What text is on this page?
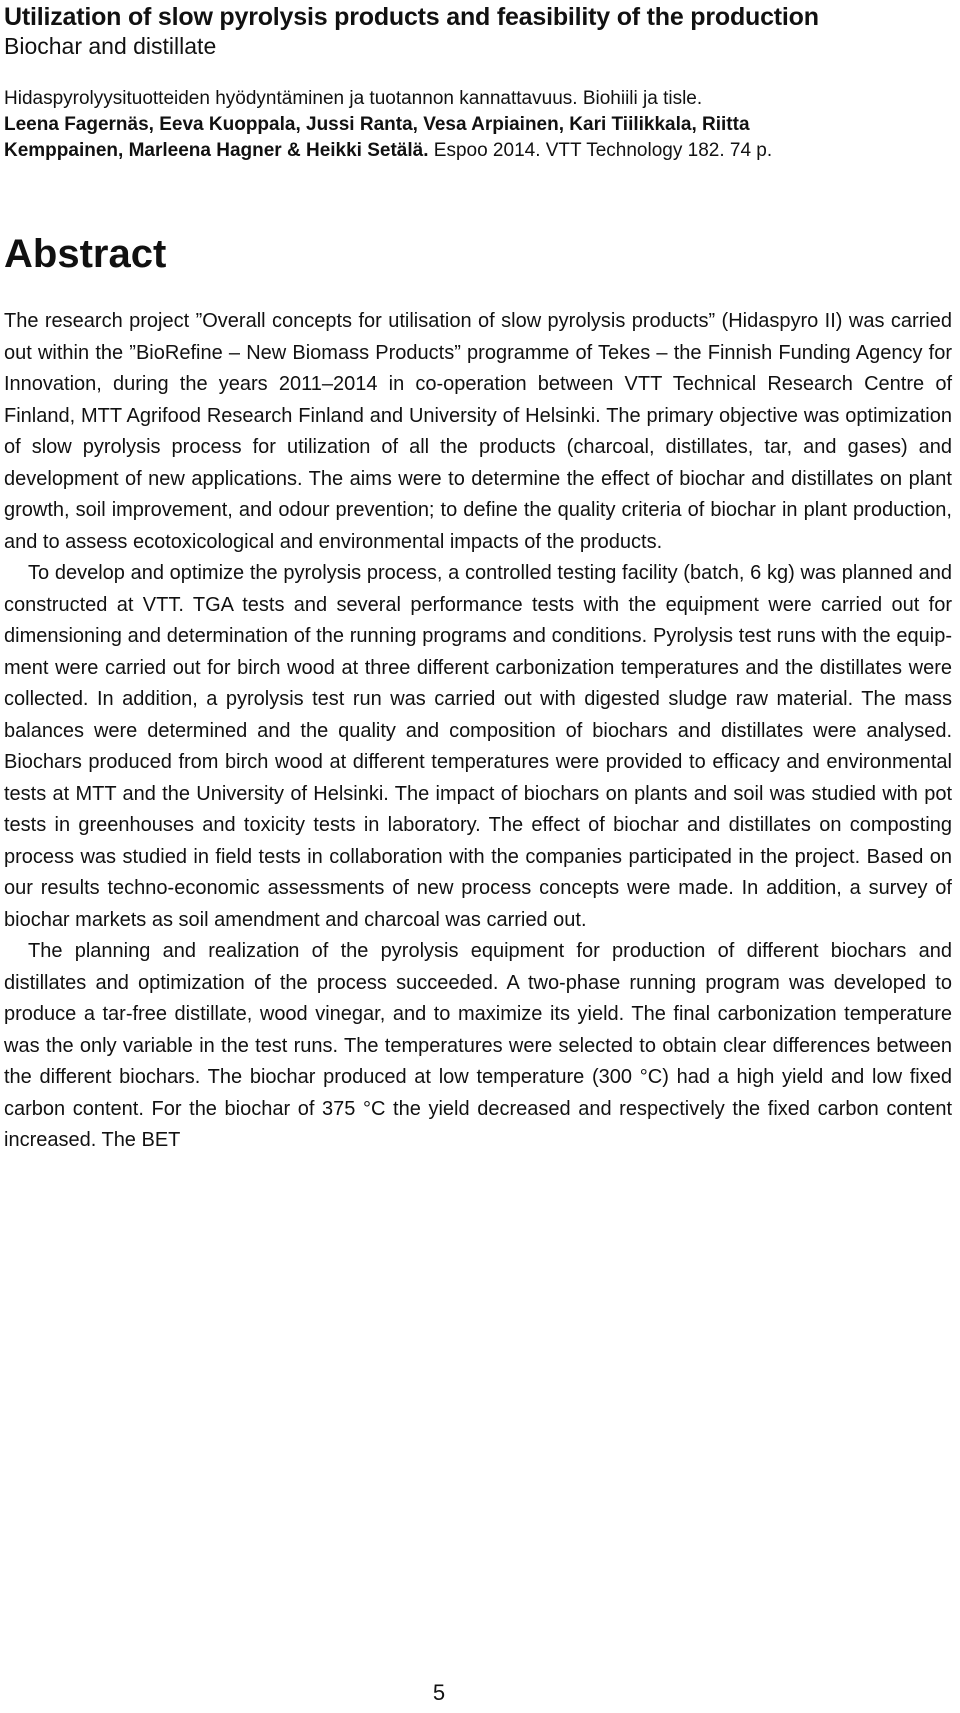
Utilization of slow pyrolysis products and feasibility of the production
Biochar and distillate
Hidaspyrolyysituotteiden hyödyntäminen ja tuotannon kannattavuus. Biohiili ja tisle.
Leena Fagernäs, Eeva Kuoppala, Jussi Ranta, Vesa Arpiainen, Kari Tiilikkala, Riitta
Kemppainen, Marleena Hagner & Heikki Setälä. Espoo 2014. VTT Technology 182. 74 p.
Abstract

The research project ”Overall concepts for utilisation of slow pyrolysis products” (Hidaspyro II) was carried out within the ”BioRefine – New Biomass Products” programme of Tekes – the Finnish Funding Agency for Innovation, during the years 2011–2014 in co-operation between VTT Technical Research Centre of Finland, MTT Agrifood Research Finland and University of Helsinki. The primary objective was optimization of slow pyrolysis process for utilization of all the products (charcoal, distillates, tar, and gases) and development of new applications. The aims were to determine the effect of biochar and distillates on plant growth, soil improvement, and odour prevention; to define the quality criteria of biochar in plant production, and to assess ecotoxicological and environmental impacts of the products.

To develop and optimize the pyrolysis process, a controlled testing facility (batch, 6 kg) was planned and constructed at VTT. TGA tests and several performance tests with the equipment were carried out for dimensioning and determination of the running programs and conditions. Pyrolysis test runs with the equipment were carried out for birch wood at three different carbonization temperatures and the distillates were collected. In addition, a pyrolysis test run was carried out with digested sludge raw material. The mass balances were determined and the quality and composition of biochars and distillates were analysed. Biochars produced from birch wood at different temperatures were provided to efficacy and environmental tests at MTT and the University of Helsinki. The impact of biochars on plants and soil was studied with pot tests in greenhouses and toxicity tests in laboratory. The effect of biochar and distillates on composting process was studied in field tests in collaboration with the companies participated in the project. Based on our results techno-economic assessments of new process concepts were made. In addition, a survey of biochar markets as soil amendment and charcoal was carried out.

The planning and realization of the pyrolysis equipment for production of different biochars and distillates and optimization of the process succeeded. A two-phase running program was developed to produce a tar-free distillate, wood vinegar, and to maximize its yield. The final carbonization temperature was the only variable in the test runs. The temperatures were selected to obtain clear differences between the different biochars. The biochar produced at low temperature (300 °C) had a high yield and low fixed carbon content. For the biochar of 375 °C the yield decreased and respectively the fixed carbon content increased. The BET

5
